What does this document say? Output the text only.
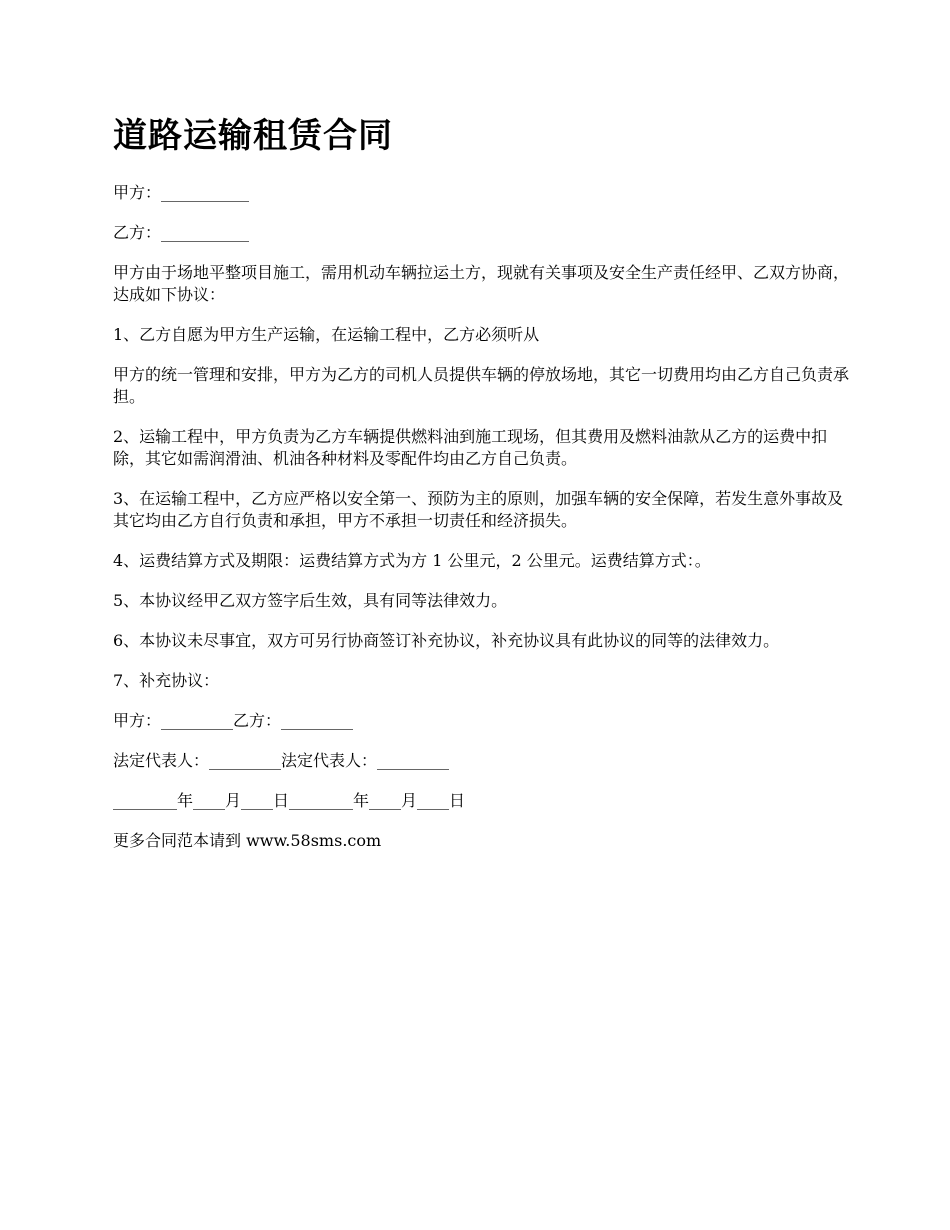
道路运输租赁合同

甲方：___________

乙方：___________

甲方由于场地平整项目施工，需用机动车辆拉运土方，现就有关事项及安全生产责任经甲、乙双方协商，达成如下协议：

1、乙方自愿为甲方生产运输，在运输工程中，乙方必须听从

甲方的统一管理和安排，甲方为乙方的司机人员提供车辆的停放场地，其它一切费用均由乙方自己负责承担。

2、运输工程中，甲方负责为乙方车辆提供燃料油到施工现场，但其费用及燃料油款从乙方的运费中扣除，其它如需润滑油、机油各种材料及零配件均由乙方自己负责。

3、在运输工程中，乙方应严格以安全第一、预防为主的原则，加强车辆的安全保障，若发生意外事故及其它均由乙方自行负责和承担，甲方不承担一切责任和经济损失。

4、运费结算方式及期限：运费结算方式为方 1 公里元，2 公里元。运费结算方式：。

5、本协议经甲乙双方签字后生效，具有同等法律效力。

6、本协议未尽事宜，双方可另行协商签订补充协议，补充协议具有此协议的同等的法律效力。

7、补充协议：

甲方：_________乙方：_________

法定代表人：_________法定代表人：_________

________年____月____日________年____月____日

更多合同范本请到 www.58sms.com
